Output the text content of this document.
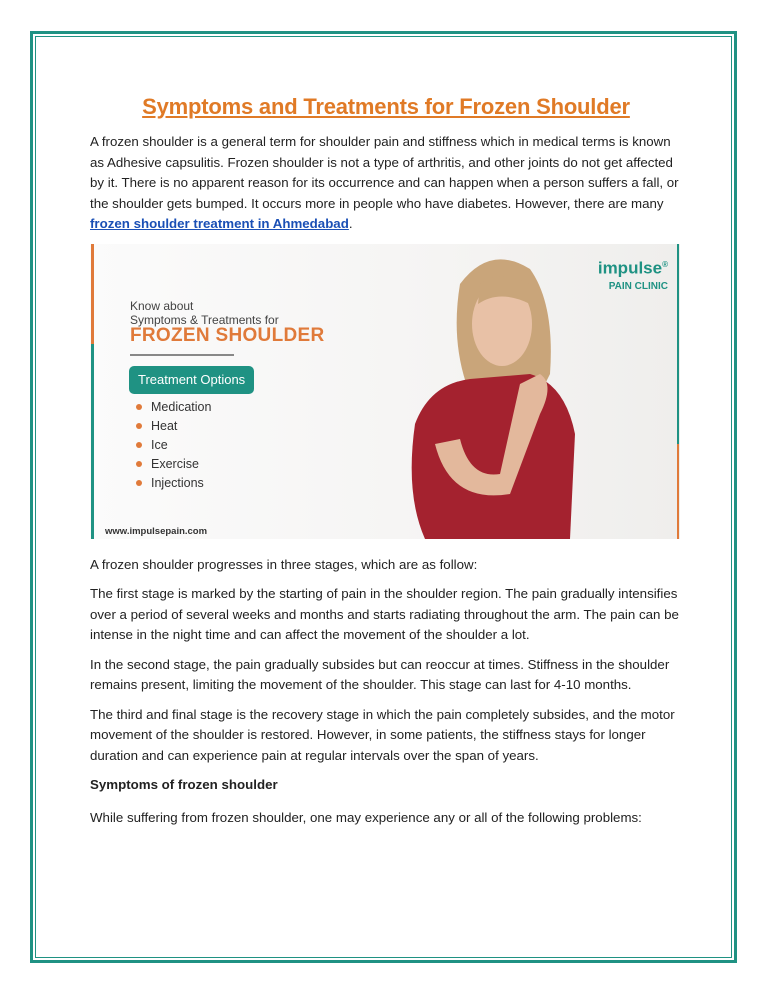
Symptoms and Treatments for Frozen Shoulder

A frozen shoulder is a general term for shoulder pain and stiffness which in medical terms is known as Adhesive capsulitis. Frozen shoulder is not a type of arthritis, and other joints do not get affected by it. There is no apparent reason for its occurrence and can happen when a person suffers a fall, or the shoulder gets bumped. It occurs more in people who have diabetes. However, there are many frozen shoulder treatment in Ahmedabad.

Know about
Symptoms & Treatments for
FROZEN SHOULDER
Treatment Options
Medication
Heat
Ice
Exercise
Injections
www.impulsepain.com
impulse®
PAIN CLINIC

A frozen shoulder progresses in three stages, which are as follow:

The first stage is marked by the starting of pain in the shoulder region. The pain gradually intensifies over a period of several weeks and months and starts radiating throughout the arm. The pain can be intense in the night time and can affect the movement of the shoulder a lot.

In the second stage, the pain gradually subsides but can reoccur at times. Stiffness in the shoulder remains present, limiting the movement of the shoulder. This stage can last for 4-10 months.

The third and final stage is the recovery stage in which the pain completely subsides, and the motor movement of the shoulder is restored. However, in some patients, the stiffness stays for longer duration and can experience pain at regular intervals over the span of years.

Symptoms of frozen shoulder

While suffering from frozen shoulder, one may experience any or all of the following problems:
